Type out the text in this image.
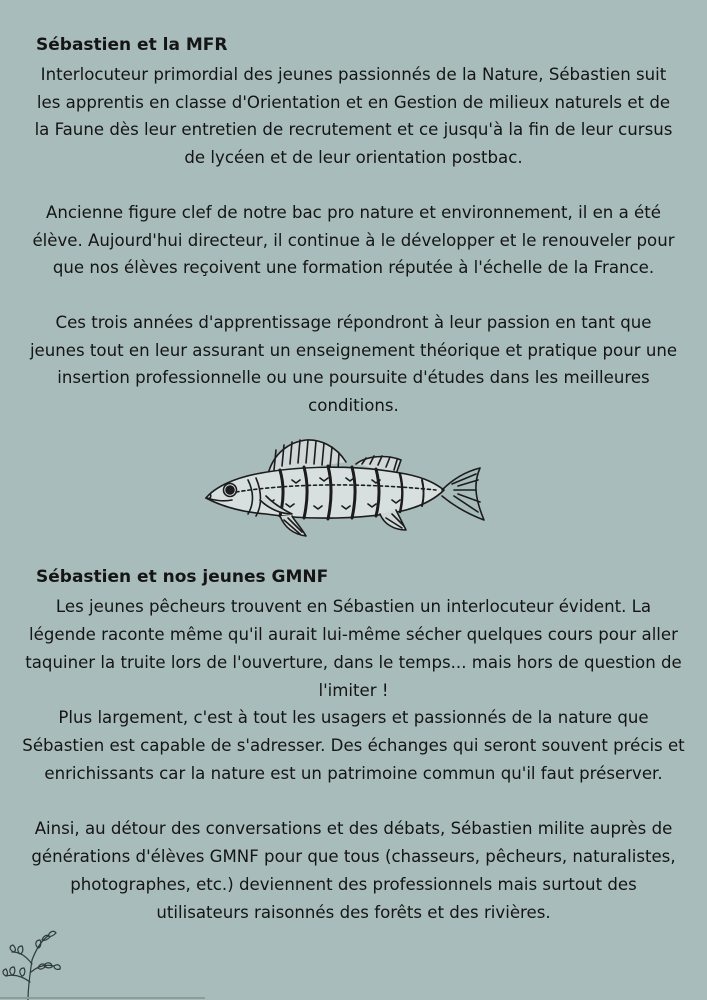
Sébastien et la MFR

Interlocuteur primordial des jeunes passionnés de la Nature, Sébastien suit les apprentis en classe d'Orientation et en Gestion de milieux naturels et de la Faune dès leur entretien de recrutement et ce jusqu'à la fin de leur cursus de lycéen et de leur orientation postbac.

Ancienne figure clef de notre bac pro nature et environnement, il en a été élève. Aujourd'hui directeur, il continue à le développer et le renouveler pour que nos élèves reçoivent une formation réputée à l'échelle de la France.

Ces trois années d'apprentissage répondront à leur passion en tant que jeunes tout en leur assurant un enseignement théorique et pratique pour une insertion professionnelle ou une poursuite d'études dans les meilleures conditions.

Sébastien et nos jeunes GMNF

Les jeunes pêcheurs trouvent en Sébastien un interlocuteur évident. La légende raconte même qu'il aurait lui-même sécher quelques cours pour aller taquiner la truite lors de l'ouverture, dans le temps... mais hors de question de l'imiter !

Plus largement, c'est à tout les usagers et passionnés de la nature que Sébastien est capable de s'adresser. Des échanges qui seront souvent précis et enrichissants car la nature est un patrimoine commun qu'il faut préserver.

Ainsi, au détour des conversations et des débats, Sébastien milite auprès de générations d'élèves GMNF pour que tous (chasseurs, pêcheurs, naturalistes, photographes, etc.) deviennent des professionnels mais surtout des utilisateurs raisonnés des forêts et des rivières.
